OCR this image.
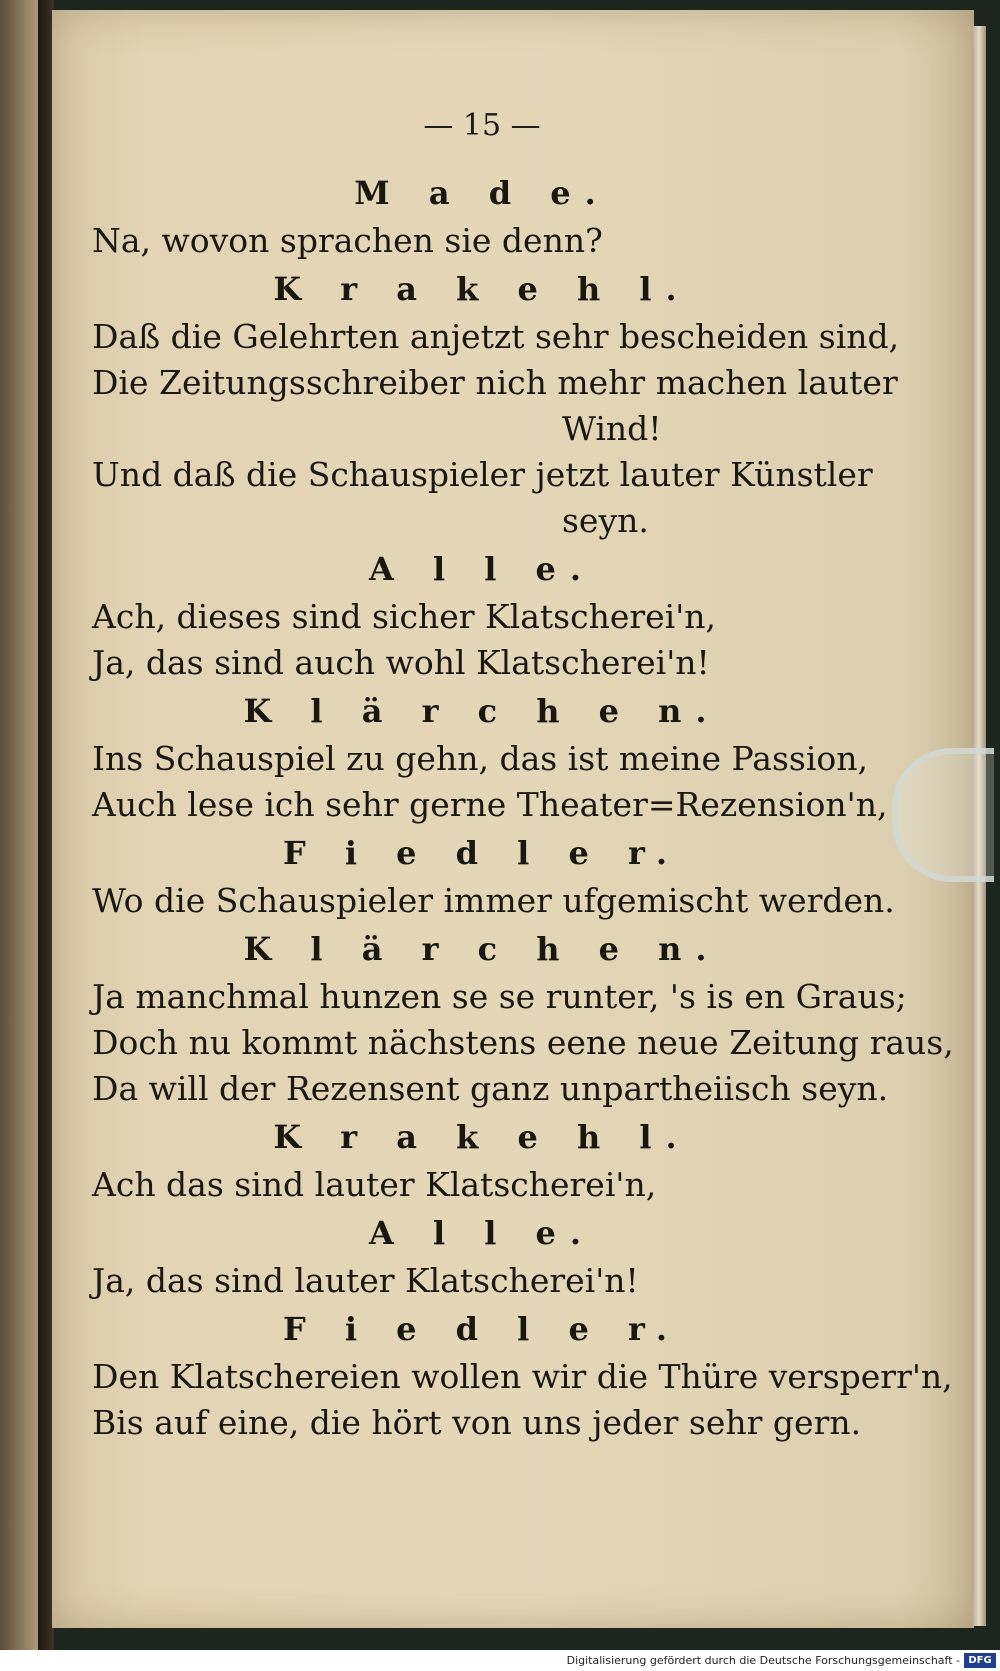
— 15 —
M a d e.
Na, wovon sprachen sie denn?
K r a k e h l.
Daß die Gelehrten anjetzt sehr bescheiden sind,
Die Zeitungsschreiber nich mehr machen lauter
Wind!
Und daß die Schauspieler jetzt lauter Künstler
seyn.
A l l e.
Ach, dieses sind sicher Klatscherei'n,
Ja, das sind auch wohl Klatscherei'n!
K l ä r c h e n.
Ins Schauspiel zu gehn, das ist meine Passion,
Auch lese ich sehr gerne Theater=Rezension'n,
F i e d l e r.
Wo die Schauspieler immer ufgemischt werden.
K l ä r c h e n.
Ja manchmal hunzen se se runter, 's is en Graus;
Doch nu kommt nächstens eene neue Zeitung raus,
Da will der Rezensent ganz unpartheiisch seyn.
K r a k e h l.
Ach das sind lauter Klatscherei'n,
A l l e.
Ja, das sind lauter Klatscherei'n!
F i e d l e r.
Den Klatschereien wollen wir die Thüre versperr'n,
Bis auf eine, die hört von uns jeder sehr gern.
Digitalisierung gefördert durch die Deutsche Forschungsgemeinschaft - DFG
